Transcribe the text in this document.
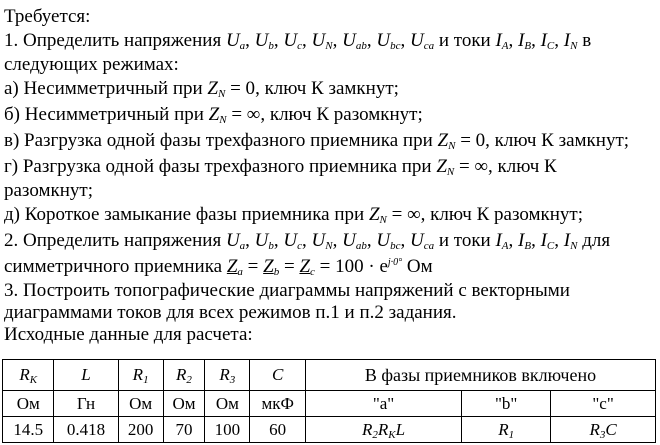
Требуется:
1. Определить напряжения $U_a$, $U_b$, $U_c$, $U_N$, $U_{ab}$, $U_{bc}$, $U_{ca}$ и токи $I_A$, $I_B$, $I_C$, $I_N$ в
следующих режимах:
а) Несимметричный при $Z_N = 0$, ключ К замкнут;
б) Несимметричный при $Z_N$ = ∞, ключ К разомкнут;
в) Разгрузка одной фазы трехфазного приемника при $Z_N = 0$, ключ К замкнут;
г) Разгрузка одной фазы трехфазного приемника при $Z_N$ = ∞, ключ К
разомкнут;
д) Короткое замыкание фазы приемника при $Z_N$ = ∞, ключ К разомкнут;
2. Определить напряжения $U_a$, $U_b$, $U_c$, $U_N$, $U_{ab}$, $U_{bc}$, $U_{ca}$ и токи $I_A$, $I_B$, $I_C$, $I_N$ для
симметричного приемника $Z_a = Z_b = Z_c = 100 \cdot e^{j\cdot 0^\circ}$ Ом
3. Построить топографические диаграммы напряжений с векторными
диаграммами токов для всех режимов п.1 и п.2 задания.
Исходные данные для расчета:
$R_K$	L	$R_1$	$R_2$	$R_3$	C	В фазы приемников включено		
Ом	Гн	Ом	Ом	Ом	мкФ	"a"	"b"	"c"
14.5	0.418	200	70	100	60	$R_2R_KL$	$R_1$	$R_3C$
